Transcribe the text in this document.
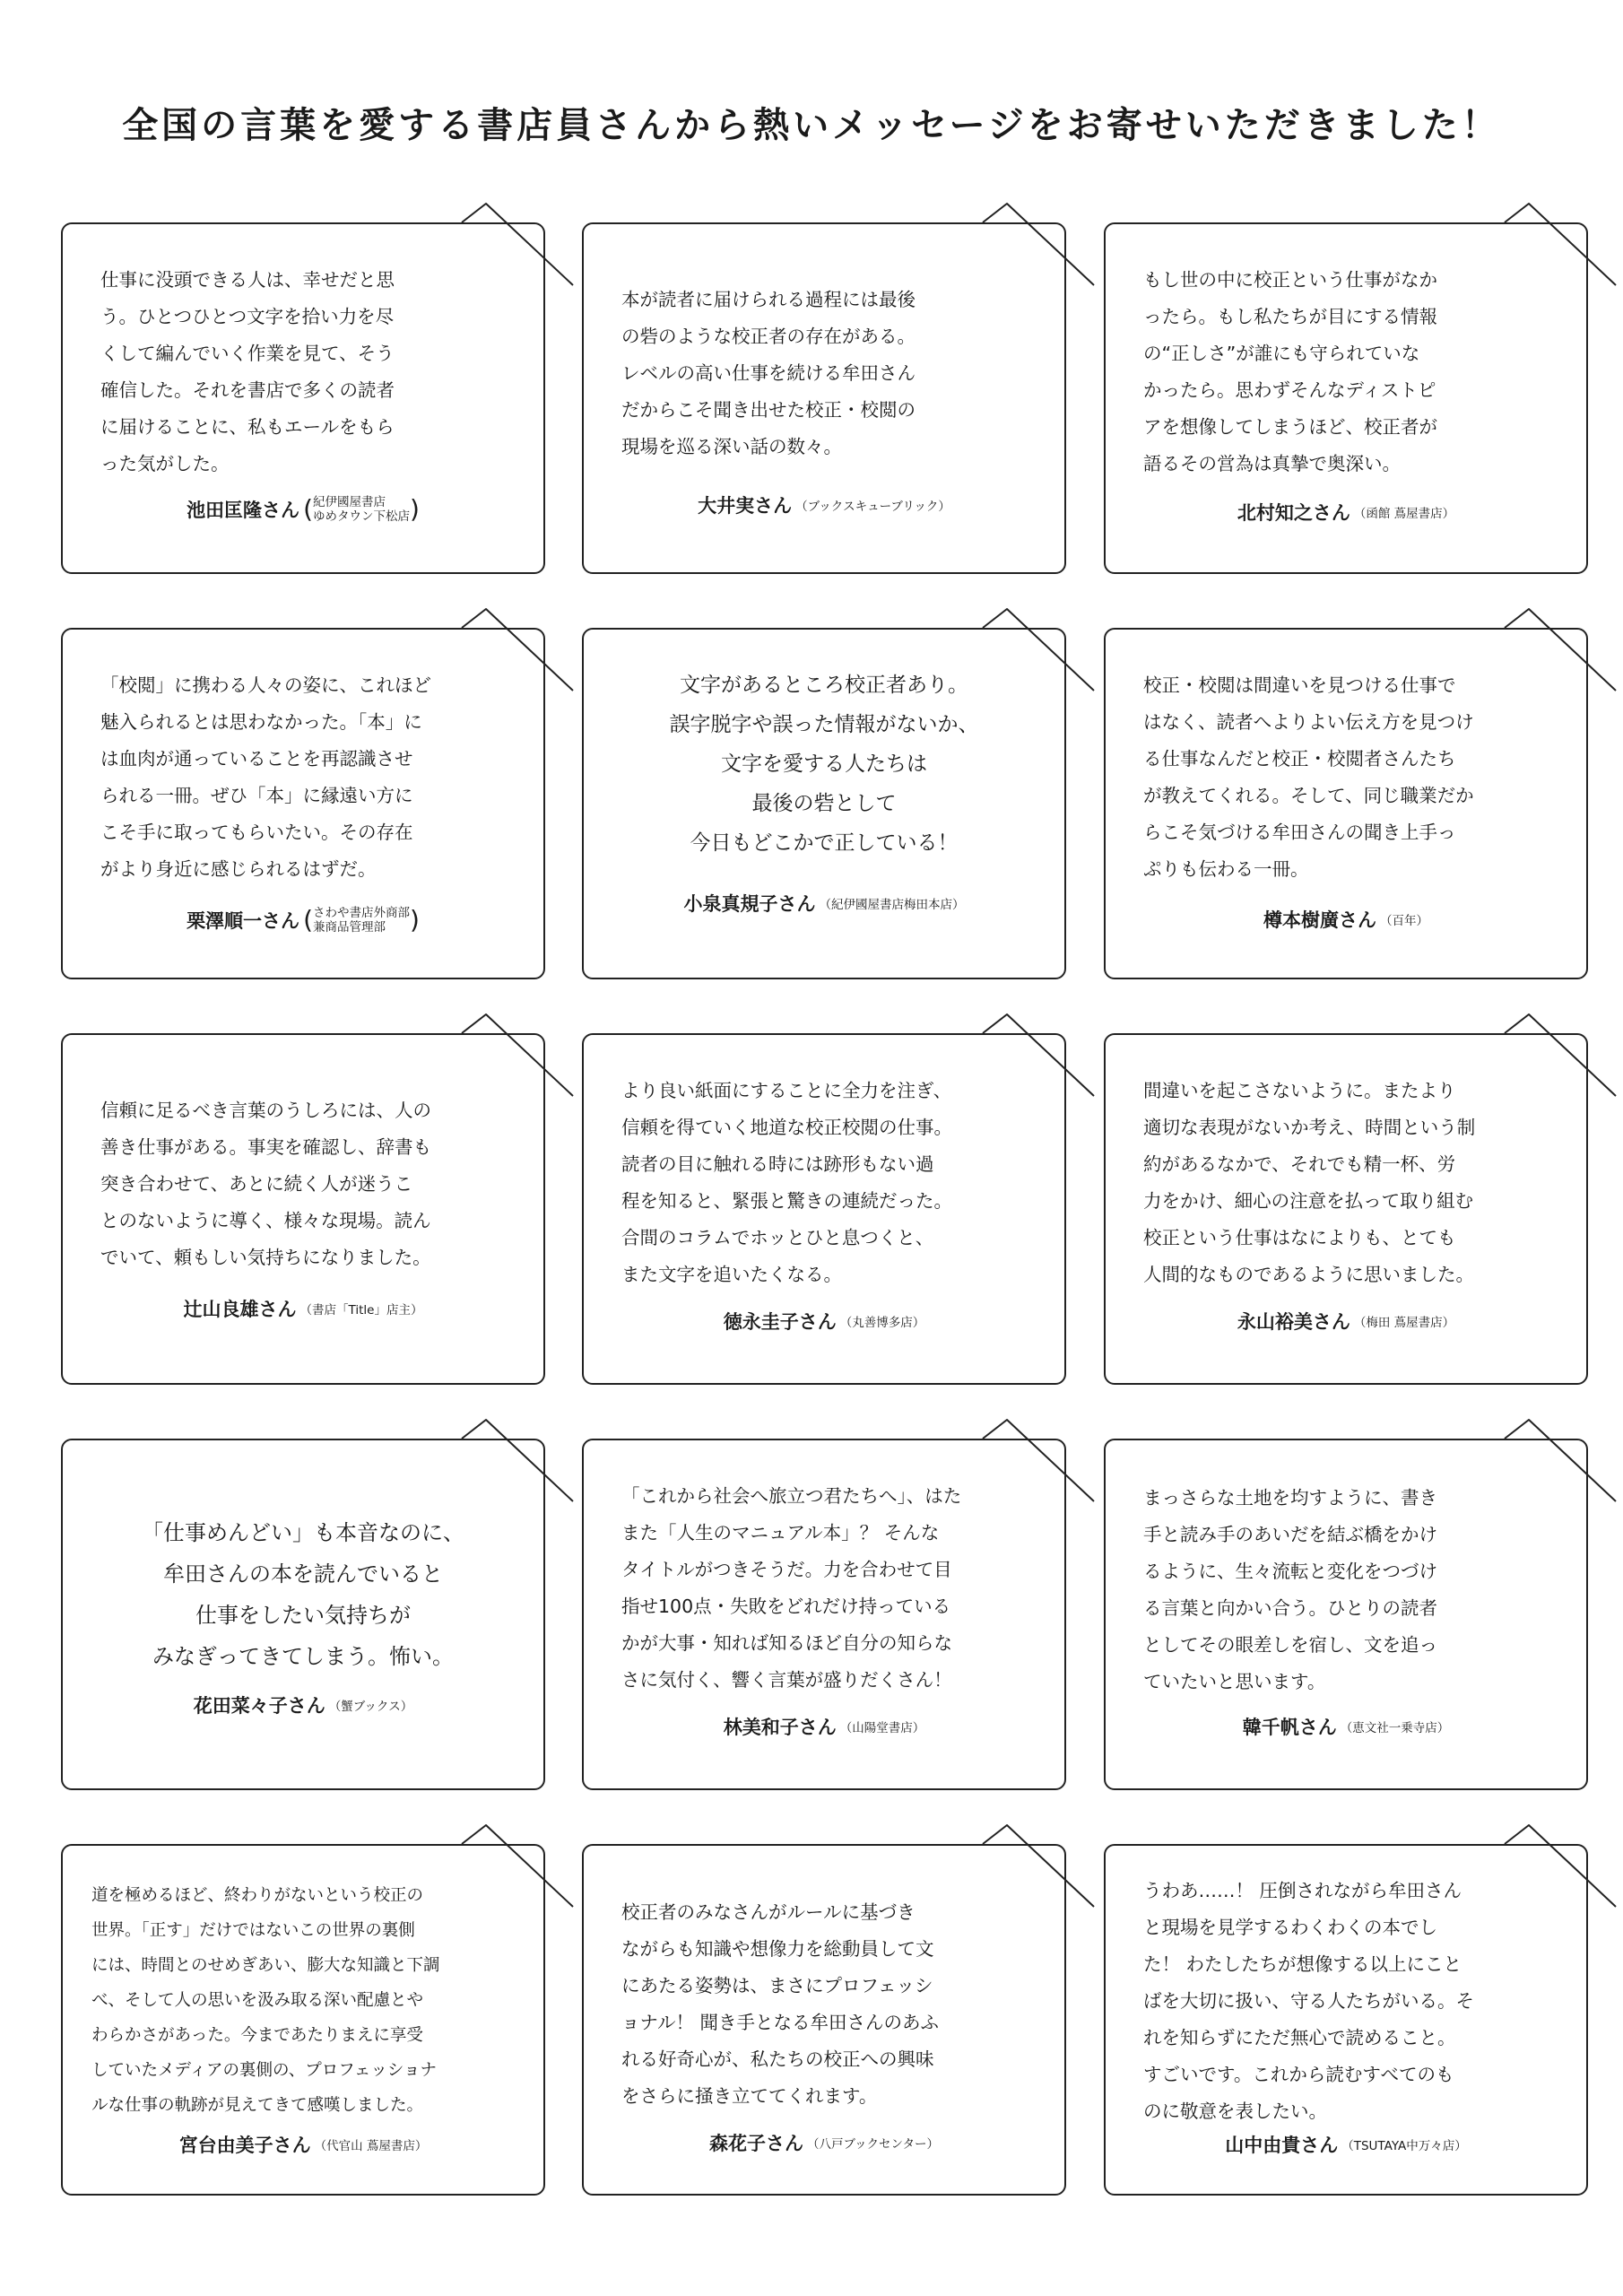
全国の言葉を愛する書店員さんから熱いメッセージをお寄せいただきました！

仕事に没頭できる人は、幸せだと思
う。ひとつひとつ文字を拾い力を尽
くして編んでいく作業を見て、そう
確信した。それを書店で多くの読者
に届けることに、私もエールをもら
った気がした。

池田匡隆さん (紀伊國屋書店
ゆめタウン下松店)

本が読者に届けられる過程には最後
の砦のような校正者の存在がある。
レベルの高い仕事を続ける牟田さん
だからこそ聞き出せた校正・校閲の
現場を巡る深い話の数々。

大井実さん （ブックスキューブリック）

もし世の中に校正という仕事がなか
ったら。もし私たちが目にする情報
の“正しさ”が誰にも守られていな
かったら。思わずそんなディストピ
アを想像してしまうほど、校正者が
語るその営為は真摯で奥深い。

北村知之さん （函館 蔦屋書店）

「校閲」に携わる人々の姿に、これほど
魅入られるとは思わなかった。「本」に
は血肉が通っていることを再認識させ
られる一冊。ぜひ「本」に縁遠い方に
こそ手に取ってもらいたい。その存在
がより身近に感じられるはずだ。

栗澤順一さん (さわや書店外商部
兼商品管理部 )

文字があるところ校正者あり。
誤字脱字や誤った情報がないか、
文字を愛する人たちは
最後の砦として
今日もどこかで正している！

小泉真規子さん （紀伊國屋書店梅田本店）

校正・校閲は間違いを見つける仕事で
はなく、読者へよりよい伝え方を見つけ
る仕事なんだと校正・校閲者さんたち
が教えてくれる。そして、同じ職業だか
らこそ気づける牟田さんの聞き上手っ
ぷりも伝わる一冊。

樽本樹廣さん （百年）

信頼に足るべき言葉のうしろには、人の
善き仕事がある。事実を確認し、辞書も
突き合わせて、あとに続く人が迷うこ
とのないように導く、様々な現場。読ん
でいて、頼もしい気持ちになりました。

辻山良雄さん （書店「Title」店主）

より良い紙面にすることに全力を注ぎ、
信頼を得ていく地道な校正校閲の仕事。
読者の目に触れる時には跡形もない過
程を知ると、緊張と驚きの連続だった。
合間のコラムでホッとひと息つくと、
また文字を追いたくなる。

徳永圭子さん （丸善博多店）

間違いを起こさないように。またより
適切な表現がないか考え、時間という制
約があるなかで、それでも精一杯、労
力をかけ、細心の注意を払って取り組む
校正という仕事はなによりも、とても
人間的なものであるように思いました。

永山裕美さん （梅田 蔦屋書店）

「仕事めんどい」も本音なのに、
牟田さんの本を読んでいると
仕事をしたい気持ちが
みなぎってきてしまう。怖い。

花田菜々子さん （蟹ブックス）

「これから社会へ旅立つ君たちへ」、はた
また「人生のマニュアル本」？ そんな
タイトルがつきそうだ。力を合わせて目
指せ100点・失敗をどれだけ持っている
かが大事・知れば知るほど自分の知らな
さに気付く、響く言葉が盛りだくさん！

林美和子さん （山陽堂書店）

まっさらな土地を均すように、書き
手と読み手のあいだを結ぶ橋をかけ
るように、生々流転と変化をつづけ
る言葉と向かい合う。ひとりの読者
としてその眼差しを宿し、文を追っ
ていたいと思います。

韓千帆さん （恵文社一乗寺店）

道を極めるほど、終わりがないという校正の
世界。「正す」だけではないこの世界の裏側
には、時間とのせめぎあい、膨大な知識と下調
べ、そして人の思いを汲み取る深い配慮とや
わらかさがあった。今まであたりまえに享受
していたメディアの裏側の、プロフェッショナ
ルな仕事の軌跡が見えてきて感嘆しました。

宮台由美子さん （代官山 蔦屋書店）

校正者のみなさんがルールに基づき
ながらも知識や想像力を総動員して文
にあたる姿勢は、まさにプロフェッシ
ョナル！ 聞き手となる牟田さんのあふ
れる好奇心が、私たちの校正への興味
をさらに掻き立ててくれます。

森花子さん （八戸ブックセンター）

うわあ……！ 圧倒されながら牟田さん
と現場を見学するわくわくの本でし
た！ わたしたちが想像する以上にこと
ばを大切に扱い、守る人たちがいる。そ
れを知らずにただ無心で読めること。
すごいです。これから読むすべてのも
のに敬意を表したい。

山中由貴さん （TSUTAYA中万々店）
